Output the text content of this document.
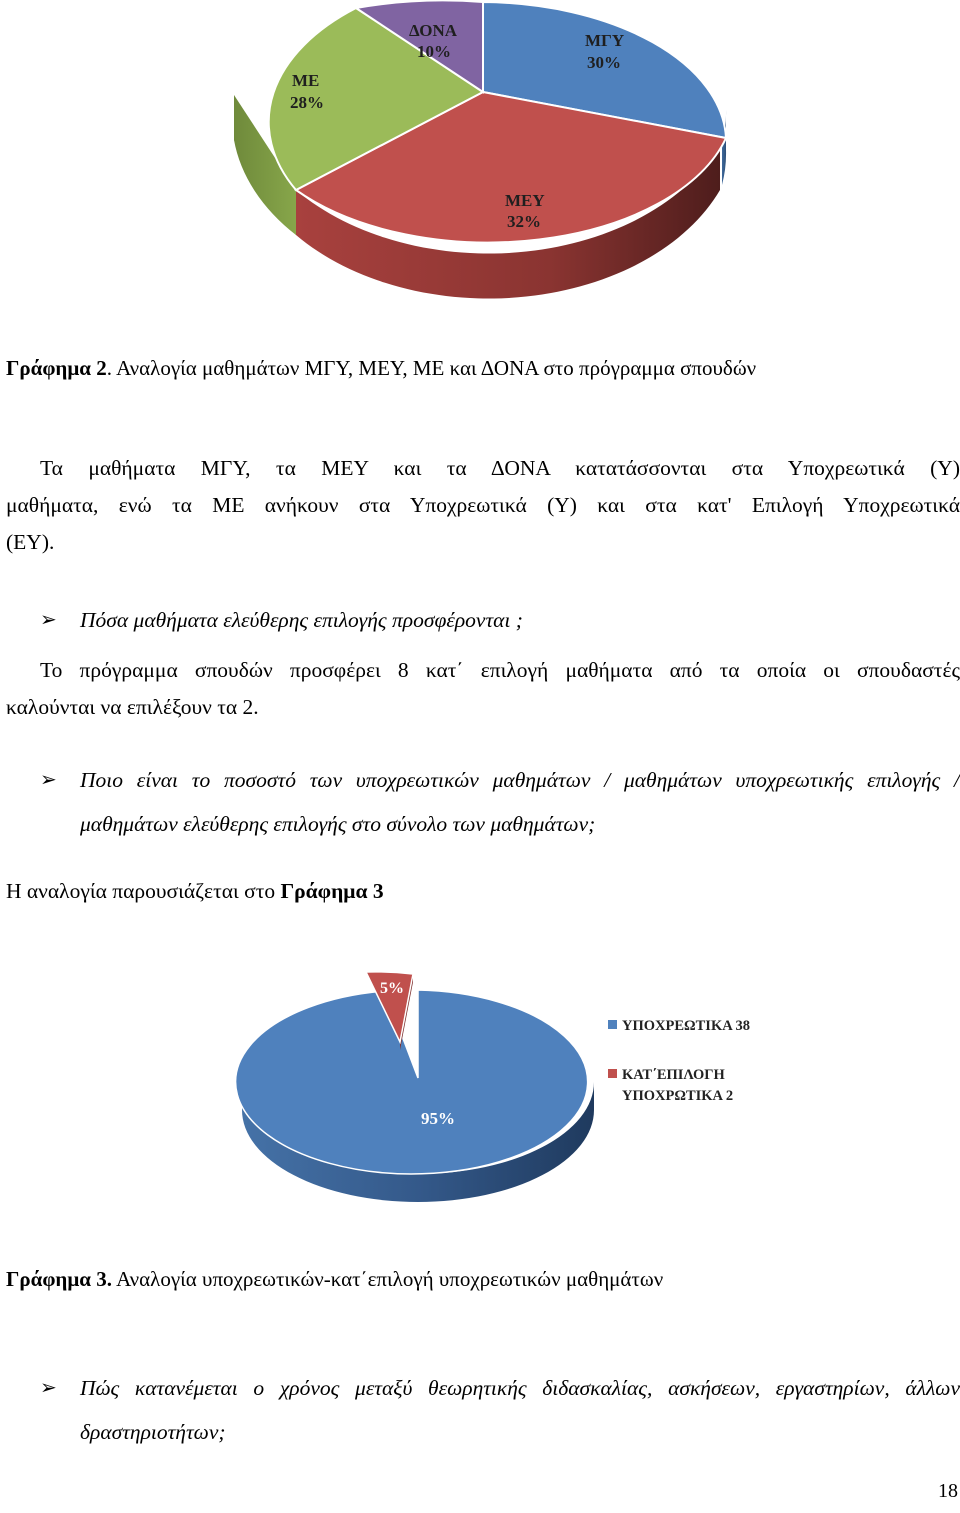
ΜΓΥ
30%
ΜΕΥ
32%
ΜΕ
28%
ΔΟΝΑ
10%
Γράφημα 2. Αναλογία μαθημάτων ΜΓΥ, ΜΕΥ, ΜΕ και ΔΟΝΑ στο πρόγραμμα σπουδών
Τα μαθήματα ΜΓΥ, τα ΜΕΥ και τα ΔΟΝΑ κατατάσσονται στα Υποχρεωτικά (Υ)
μαθήματα, ενώ τα ΜΕ ανήκουν στα Υποχρεωτικά (Υ) και στα κατ' Επιλογή Υποχρεωτικά
(ΕΥ).
➢ Πόσα μαθήματα ελεύθερης επιλογής προσφέρονται ;
Το πρόγραμμα σπουδών προσφέρει 8 κατ΄ επιλογή μαθήματα από τα οποία οι σπουδαστές
καλούνται να επιλέξουν τα 2.
➢ Ποιο είναι το ποσοστό των υποχρεωτικών μαθημάτων / μαθημάτων υποχρεωτικής επιλογής / μαθημάτων ελεύθερης επιλογής στο σύνολο των μαθημάτων;
Η αναλογία παρουσιάζεται στο Γράφημα 3
5%
95%
ΥΠΟΧΡΕΩΤΙΚΑ 38
ΚΑΤ΄ΕΠΙΛΟΓΗ
ΥΠΟΧΡΩΤΙΚΑ 2
Γράφημα 3. Αναλογία υποχρεωτικών-κατ΄επιλογή υποχρεωτικών μαθημάτων
➢ Πώς κατανέμεται ο χρόνος μεταξύ θεωρητικής διδασκαλίας, ασκήσεων, εργαστηρίων, άλλων δραστηριοτήτων;
18
